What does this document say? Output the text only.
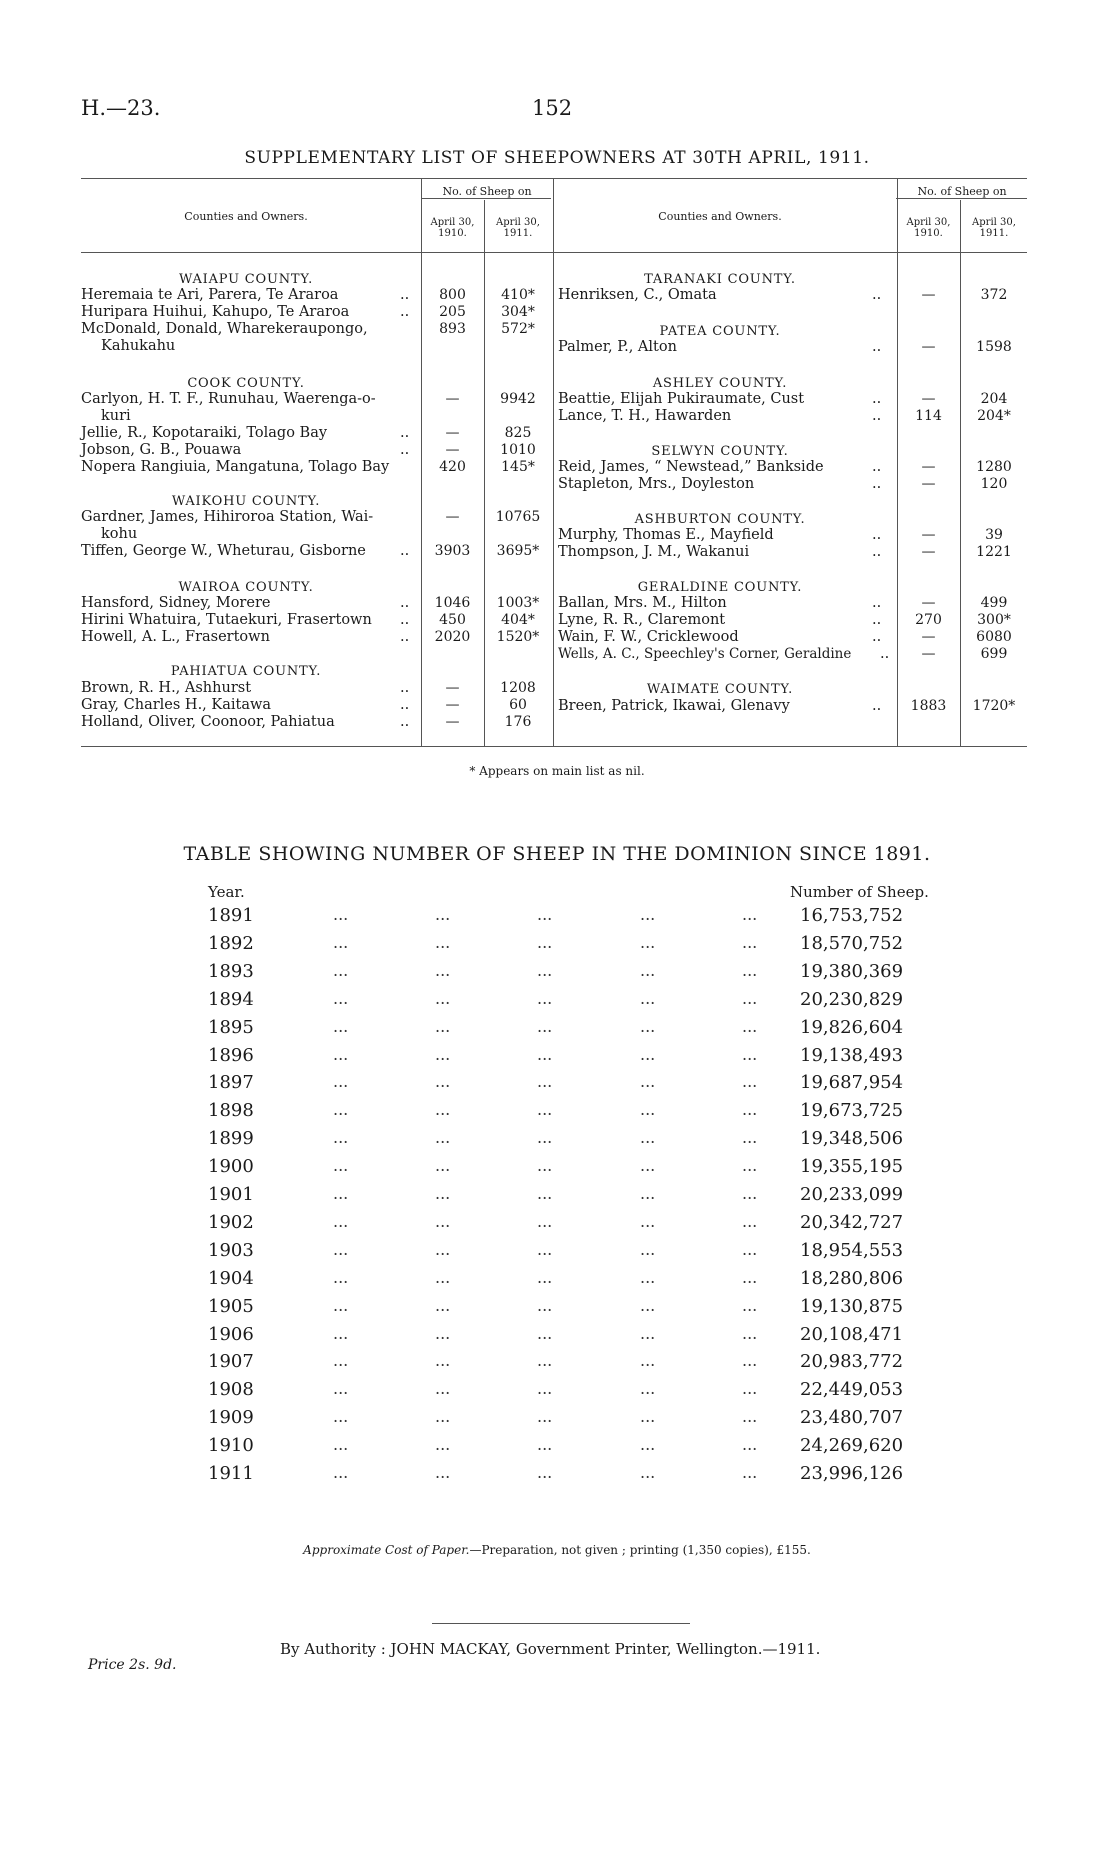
H.—23.	152
SUPPLEMENTARY LIST OF SHEEPOWNERS AT 30TH APRIL, 1911.
Counties and Owners.
No. of Sheep on
April 30, 1910.
April 30, 1911.
Counties and Owners.
No. of Sheep on
April 30, 1910.
April 30, 1911.
WAIAPU COUNTY.
COOK COUNTY.
WAIKOHU COUNTY.
WAIROA COUNTY.
PAHIATUA COUNTY.
Heremaia te Ari, Parera, Te Araroa	..	800	410*
Huripara Huihui, Kahupo, Te Araroa	..	205	304*
McDonald, Donald, Wharekeraupongo,	893	572*
Kahukahu
Carlyon, H. T. F., Runuhau, Waerenga-o-	—	9942
kuri
Jellie, R., Kopotaraiki, Tolago Bay	..	—	825
Jobson, G. B., Pouawa	..	—	1010
Nopera Rangiuia, Mangatuna, Tolago Bay	420	145*
Gardner, James, Hihiroroa Station, Wai-	—	10765
kohu
Tiffen, George W., Wheturau, Gisborne ..	3903	3695*
Hansford, Sidney, Morere	..	1046	1003*
Hirini Whatuira, Tutaekuri, Frasertown ..	450	404*
Howell, A. L., Frasertown	..	2020	1520*
Brown, R. H., Ashhurst	..	—	1208
Gray, Charles H., Kaitawa	..	—	60
Holland, Oliver, Coonoor, Pahiatua	..	—	176
TARANAKI COUNTY.
PATEA COUNTY.
ASHLEY COUNTY.
SELWYN COUNTY.
ASHBURTON COUNTY.
GERALDINE COUNTY.
WAIMATE COUNTY.
Henriksen, C., Omata	..	—	372
Palmer, P., Alton	..	—	1598
Beattie, Elijah Pukiraumate, Cust	..	—	204
Lance, T. H., Hawarden	..	114	204*
Reid, James, “ Newstead,” Bankside	..	—	1280
Stapleton, Mrs., Doyleston	..	—	120
Murphy, Thomas E., Mayfield	..	—	39
Thompson, J. M., Wakanui	..	—	1221
Ballan, Mrs. M., Hilton	..	—	499
Lyne, R. R., Claremont	..	270	300*
Wain, F. W., Cricklewood	..	—	6080
Wells, A. C., Speechley's Corner, Geraldine ..	—	699
Breen, Patrick, Ikawai, Glenavy	..	1883	1720*
* Appears on main list as nil.
TABLE SHOWING NUMBER OF SHEEP IN THE DOMINION SINCE 1891.
Year.	Number of Sheep.
1891	...	...	...	...	... 16,753,752
1892	...	...	...	...	... 18,570,752
1893	...	...	...	...	... 19,380,369
1894	...	...	...	...	... 20,230,829
1895	...	...	...	...	... 19,826,604
1896	...	...	...	...	... 19,138,493
1897	...	...	...	...	... 19,687,954
1898	...	...	...	...	... 19,673,725
1899	...	...	...	...	... 19,348,506
1900	...	...	...	...	... 19,355,195
1901	...	...	...	...	... 20,233,099
1902	...	...	...	...	... 20,342,727
1903	...	...	...	...	... 18,954,553
1904	...	...	...	...	... 18,280,806
1905	...	...	...	...	... 19,130,875
1906	...	...	...	...	... 20,108,471
1907	...	...	...	...	... 20,983,772
1908	...	...	...	...	... 22,449,053
1909	...	...	...	...	... 23,480,707
1910	...	...	...	...	... 24,269,620
1911	...	...	...	...	... 23,996,126
Approximate Cost of Paper.—Preparation, not given ; printing (1,350 copies), £155.
By Authority : JOHN MACKAY, Government Printer, Wellington.—1911.
Price 2s. 9d.
